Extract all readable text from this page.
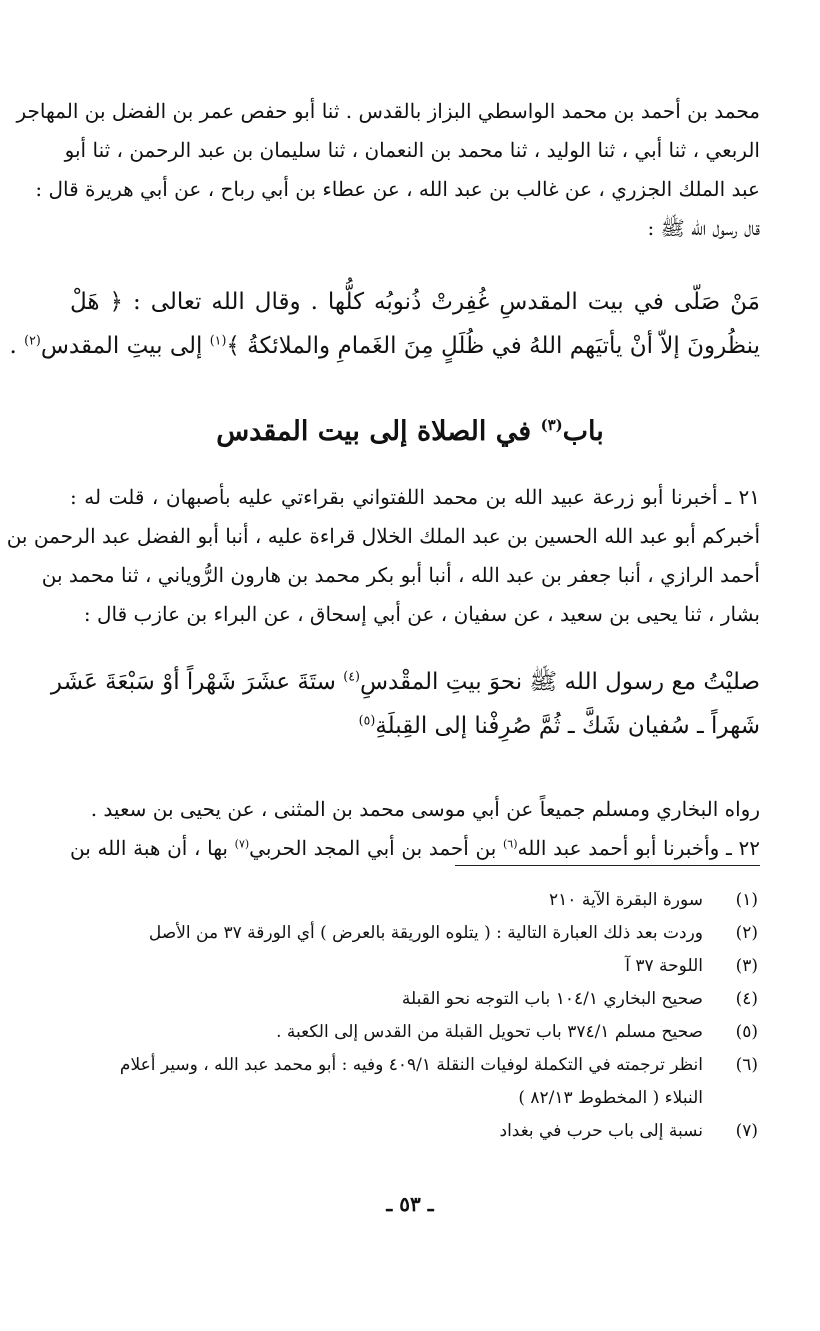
محمد بن أحمد بن محمد الواسطي البزاز بالقدس . ثنا أبو حفص عمر بن الفضل بن المهاجر
الربعي ، ثنا أبي ، ثنا الوليد ، ثنا محمد بن النعمان ، ثنا سليمان بن عبد الرحمن ، ثنا أبو
عبد الملك الجزري ، عن غالب بن عبد الله ، عن عطاء بن أبي رباح ، عن أبي هريرة قال :
قال رسول الله ﷺ :
مَنْ صَلّى في بيت المقدسِ غُفِرتْ ذُنوبُه كلُّها . وقال الله تعالى : ﴿ هَلْ
ينظُرونَ إلاّ أنْ يأتيَهم اللهُ في ظُلَلٍ مِنَ الغَمامِ والملائكةُ ﴾$^{(١)}$ إلى بيتِ المقدس$^{(٢)}$ .
باب$^{(٣)}$ في الصلاة إلى بيت المقدس
٢١ ـ أخبرنا أبو زرعة عبيد الله بن محمد اللفتواني بقراءتي عليه بأصبهان ، قلت له :
أخبركم أبو عبد الله الحسين بن عبد الملك الخلال قراءة عليه ، أنبا أبو الفضل عبد الرحمن بن
أحمد الرازي ، أنبا جعفر بن عبد الله ، أنبا أبو بكر محمد بن هارون الرُّوياني ، ثنا محمد بن
بشار ، ثنا يحيى بن سعيد ، عن سفيان ، عن أبي إسحاق ، عن البراء بن عازب قال :
صليْتُ مع رسول الله ﷺ نحوَ بيتِ المقْدسِ$^{(٤)}$ ستَةَ عشَرَ شَهْراً أوْ سَبْعَةَ عَشَر
شَهراً ـ سُفيان شَكَّ ـ ثُمَّ صُرِفْنا إلى القِبلَةِ$^{(٥)}$
رواه البخاري ومسلم جميعاً عن أبي موسى محمد بن المثنى ، عن يحيى بن سعيد .
٢٢ ـ وأخبرنا أبو أحمد عبد الله$^{(٦)}$ بن أحمد بن أبي المجد الحربي$^{(٧)}$ بها ، أن هبة الله بن
(١)
سورة البقرة الآية ٢١٠
(٢)
وردت بعد ذلك العبارة التالية : ( يتلوه الوريقة بالعرض ) أي الورقة ٣٧ من الأصل
(٣)
اللوحة ٣٧ آ
(٤)
صحيح البخاري ١٠٤/١ باب التوجه نحو القبلة
(٥)
صحيح مسلم ٣٧٤/١ باب تحويل القبلة من القدس إلى الكعبة .
(٦)
انظر ترجمته في التكملة لوفيات النقلة ٤٠٩/١ وفيه : أبو محمد عبد الله ، وسير أعلام النبلاء ( المخطوط ٨٢/١٣ )
(٧)
نسبة إلى باب حرب في بغداد
ـ ٥٣ ـ
